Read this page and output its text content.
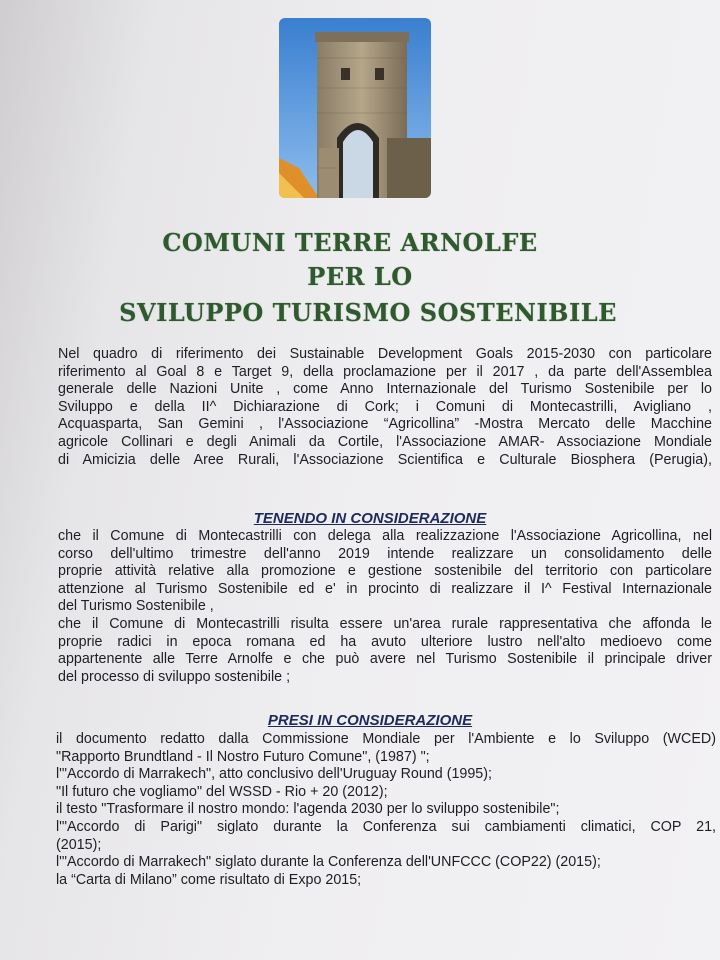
COMUNI TERRE ARNOLFE
PER LO
SVILUPPO TURISMO SOSTENIBILE
Nel quadro di riferimento dei Sustainable Development Goals 2015-2030 con particolare
riferimento al Goal 8 e Target 9, della proclamazione per il 2017 , da parte dell'Assemblea
generale delle Nazioni Unite , come Anno Internazionale del Turismo Sostenibile per lo
Sviluppo e della II^ Dichiarazione di Cork; i Comuni di Montecastrilli, Avigliano ,
Acquasparta, San Gemini , l'Associazione “Agricollina” -Mostra Mercato delle Macchine
agricole Collinari e degli Animali da Cortile, l'Associazione AMAR- Associazione Mondiale
di Amicizia delle Aree Rurali, l'Associazione Scientifica e Culturale Biosphera (Perugia),
TENENDO IN CONSIDERAZIONE
che il Comune di Montecastrilli con delega alla realizzazione l'Associazione Agricollina, nel
corso dell'ultimo trimestre dell'anno 2019 intende realizzare un consolidamento delle
proprie attività relative alla promozione e gestione sostenibile del territorio con particolare
attenzione al Turismo Sostenibile ed e' in procinto di realizzare il I^ Festival Internazionale
del Turismo Sostenibile ,
che il Comune di Montecastrilli risulta essere un'area rurale rappresentativa che affonda le
proprie radici in epoca romana ed ha avuto ulteriore lustro nell'alto medioevo come
appartenente alle Terre Arnolfe e che può avere nel Turismo Sostenibile il principale driver
del processo di sviluppo sostenibile ;
PRESI IN CONSIDERAZIONE
il documento redatto dalla Commissione Mondiale per l'Ambiente e lo Sviluppo (WCED)
"Rapporto Brundtland - Il Nostro Futuro Comune", (1987) ";
l'"Accordo di Marrakech", atto conclusivo dell'Uruguay Round (1995);
"Il futuro che vogliamo" del WSSD - Rio + 20 (2012);
il testo "Trasformare il nostro mondo: l'agenda 2030 per lo sviluppo sostenibile";
l'"Accordo di Parigi" siglato durante la Conferenza sui cambiamenti climatici, COP 21,
(2015);
l'"Accordo di Marrakech" siglato durante la Conferenza dell'UNFCCC (COP22) (2015);
la “Carta di Milano” come risultato di Expo 2015;
